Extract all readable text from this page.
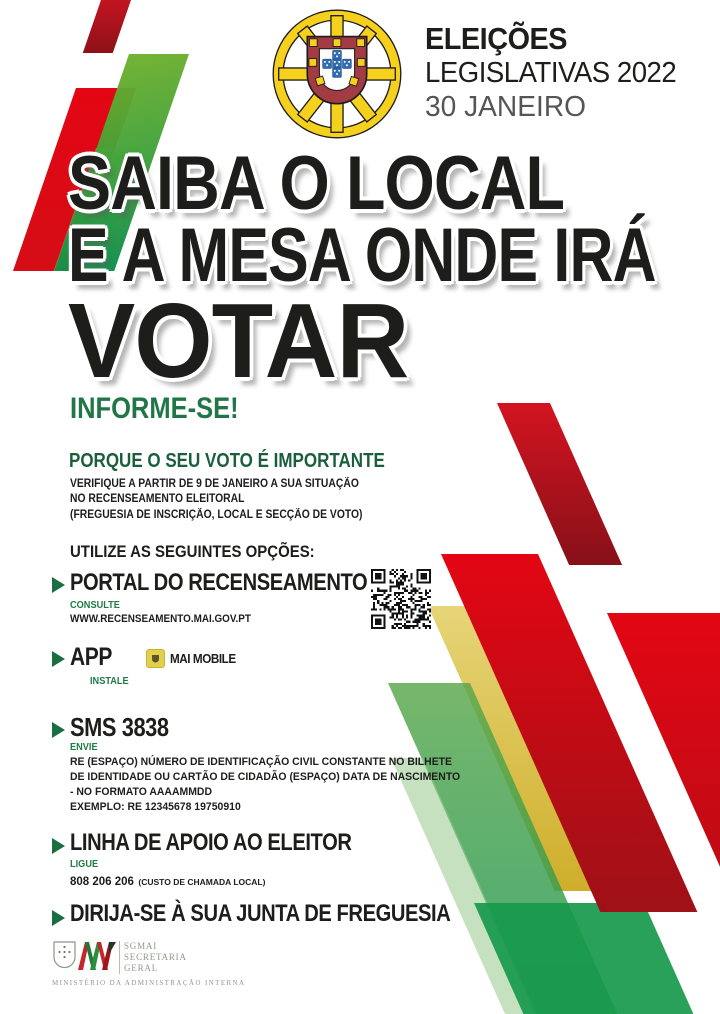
ELEIÇÕES
LEGISLATIVAS 2022
30 JANEIRO
SAIBA O LOCAL
E A MESA ONDE IRÁ
VOTAR
INFORME-SE!
PORQUE O SEU VOTO É IMPORTANTE
VERIFIQUE A PARTIR DE 9 DE JANEIRO A SUA SITUAÇÃO
NO RECENSEAMENTO ELEITORAL
(FREGUESIA DE INSCRIÇÃO, LOCAL E SECÇÃO DE VOTO)
UTILIZE AS SEGUINTES OPÇÕES:
PORTAL DO RECENSEAMENTO
CONSULTE
WWW.RECENSEAMENTO.MAI.GOV.PT
APP	MAI MOBILE
INSTALE
SMS 3838
ENVIE
RE (ESPAÇO) NÚMERO DE IDENTIFICAÇÃO CIVIL CONSTANTE NO BILHETE
DE IDENTIDADE OU CARTÃO DE CIDADÃO (ESPAÇO) DATA DE NASCIMENTO
- NO FORMATO AAAAMMDD
EXEMPLO: RE 12345678 19750910
LINHA DE APOIO AO ELEITOR
LIGUE
808 206 206 (CUSTO DE CHAMADA LOCAL)
DIRIJA-SE À SUA JUNTA DE FREGUESIA
SGMAI
SECRETARIA
GERAL
MINISTÉRIO DA ADMINISTRAÇÃO INTERNA
